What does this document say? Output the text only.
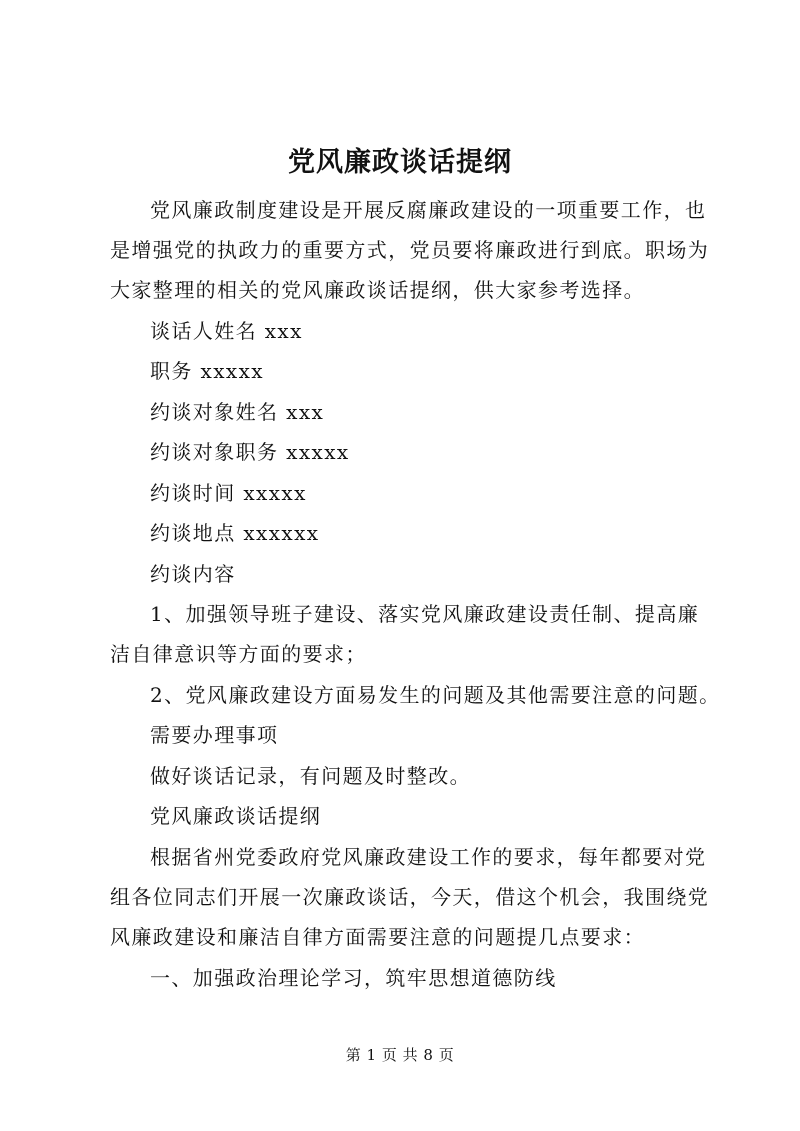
党风廉政谈话提纲
党风廉政制度建设是开展反腐廉政建设的一项重要工作，也
是增强党的执政力的重要方式，党员要将廉政进行到底。职场为
大家整理的相关的党风廉政谈话提纲，供大家参考选择。
谈话人姓名 xxx
职务 xxxxx
约谈对象姓名 xxx
约谈对象职务 xxxxx
约谈时间 xxxxx
约谈地点 xxxxxx
约谈内容
1、加强领导班子建设、落实党风廉政建设责任制、提高廉
洁自律意识等方面的要求；
2、党风廉政建设方面易发生的问题及其他需要注意的问题。
需要办理事项
做好谈话记录，有问题及时整改。
党风廉政谈话提纲
根据省州党委政府党风廉政建设工作的要求，每年都要对党
组各位同志们开展一次廉政谈话，今天，借这个机会，我围绕党
风廉政建设和廉洁自律方面需要注意的问题提几点要求：
一、加强政治理论学习，筑牢思想道德防线
第 1 页 共 8 页
